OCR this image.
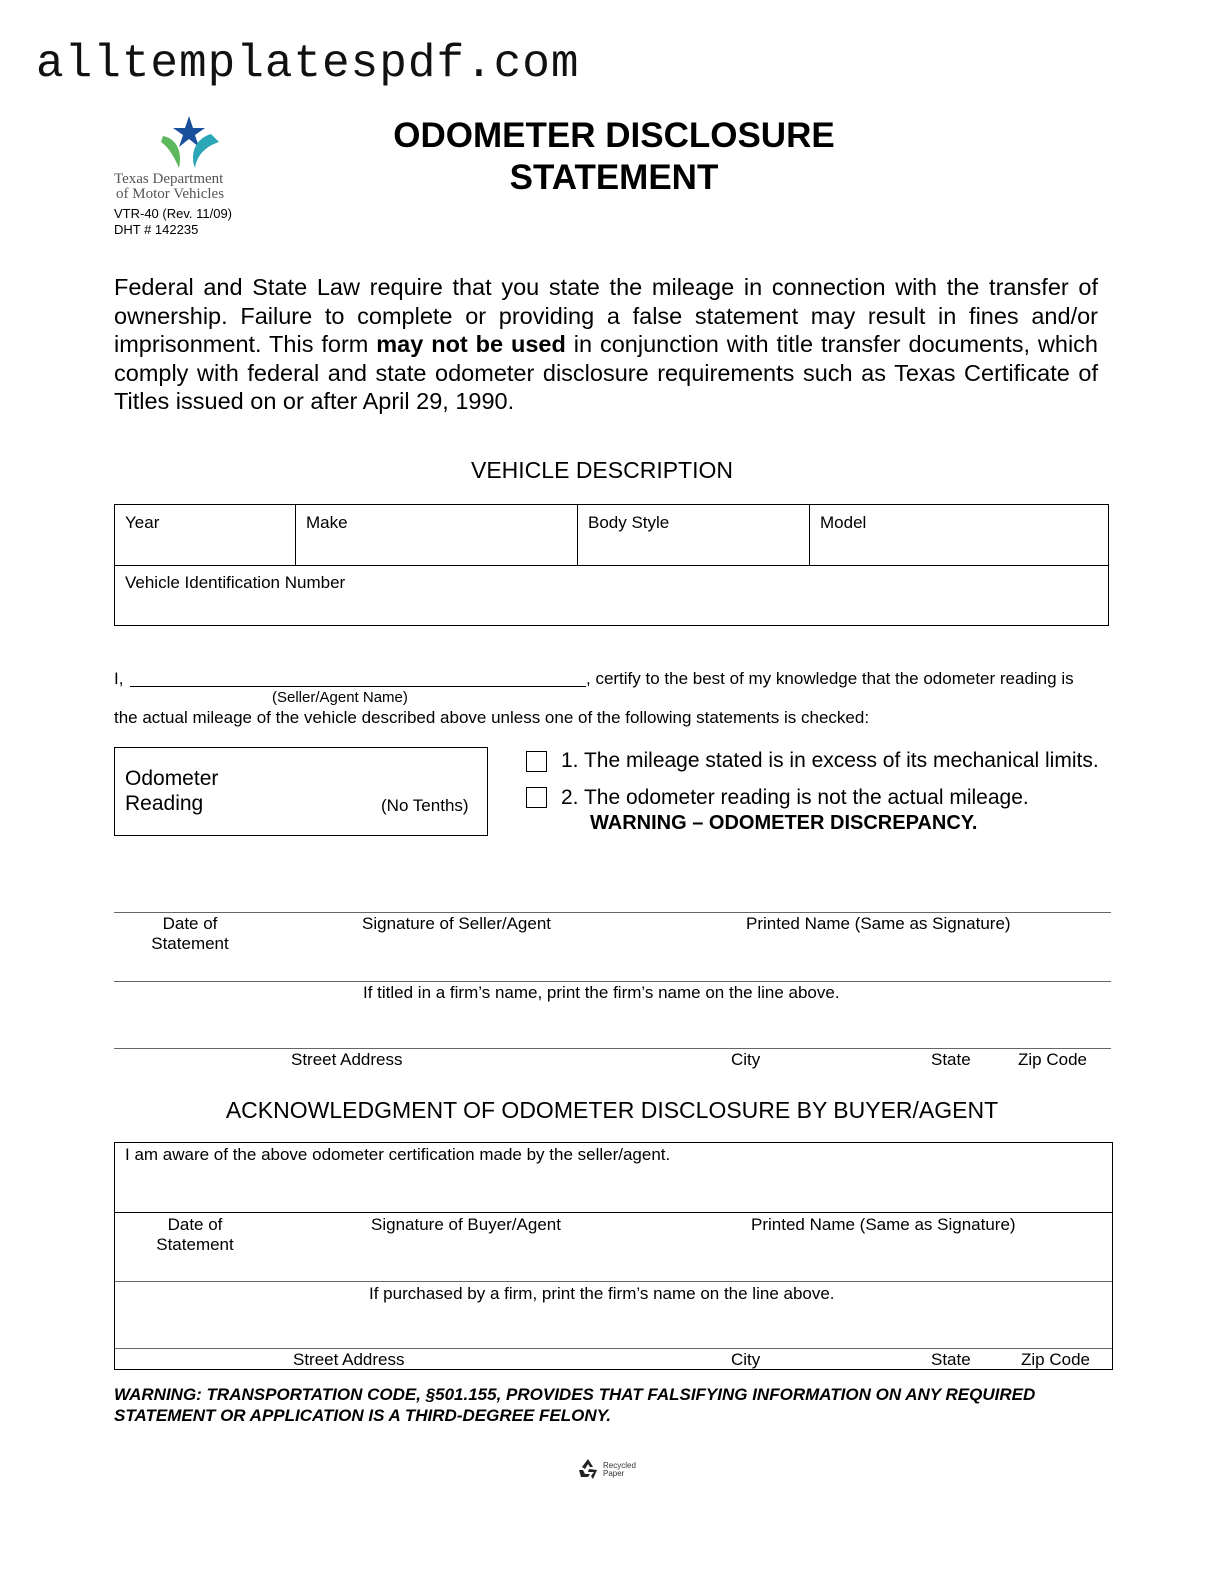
alltemplatespdf.com
Texas Department
of Motor Vehicles
VTR-40 (Rev. 11/09)
DHT # 142235
ODOMETER DISCLOSURE
STATEMENT
Federal and State Law require that you state the mileage in connection with the transfer of ownership. Failure to complete or providing a false statement may result in fines and/or imprisonment. This form may not be used in conjunction with title transfer documents, which comply with federal and state odometer disclosure requirements such as Texas Certificate of Titles issued on or after April 29, 1990.
VEHICLE DESCRIPTION
Year	Make	Body Style	Model
Vehicle Identification Number
I,	, certify to the best of my knowledge that the odometer reading is
(Seller/Agent Name)
the actual mileage of the vehicle described above unless one of the following statements is checked:
Odometer
Reading	(No Tenths)
1. The mileage stated is in excess of its mechanical limits.
2. The odometer reading is not the actual mileage.
WARNING – ODOMETER DISCREPANCY.
Date of
Statement
Signature of Seller/Agent	Printed Name (Same as Signature)
If titled in a firm’s name, print the firm’s name on the line above.
Street Address	City	State	Zip Code
ACKNOWLEDGMENT OF ODOMETER DISCLOSURE BY BUYER/AGENT
I am aware of the above odometer certification made by the seller/agent.
Date of
Statement
Signature of Buyer/Agent	Printed Name (Same as Signature)
If purchased by a firm, print the firm’s name on the line above.
Street Address	City	State	Zip Code
WARNING: TRANSPORTATION CODE, §501.155, PROVIDES THAT FALSIFYING INFORMATION ON ANY REQUIRED
STATEMENT OR APPLICATION IS A THIRD-DEGREE FELONY.
Recycled
Paper
